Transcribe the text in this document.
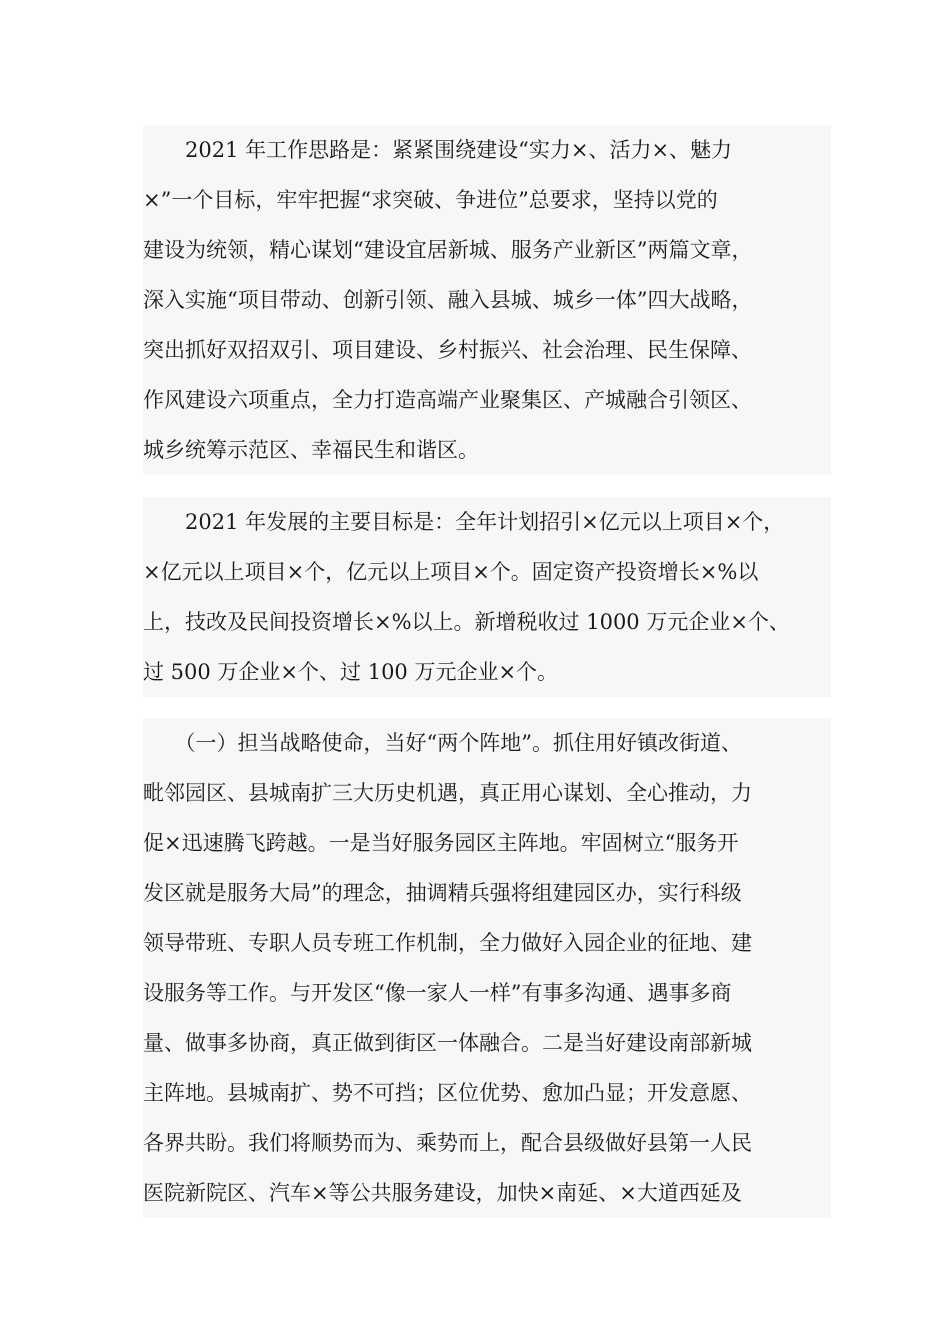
　　2021 年工作思路是：紧紧围绕建设“实力×、活力×、魅力
×”一个目标，牢牢把握“求突破、争进位”总要求，坚持以党的
建设为统领，精心谋划“建设宜居新城、服务产业新区”两篇文章，
深入实施“项目带动、创新引领、融入县城、城乡一体”四大战略，
突出抓好双招双引、项目建设、乡村振兴、社会治理、民生保障、
作风建设六项重点，全力打造高端产业聚集区、产城融合引领区、
城乡统筹示范区、幸福民生和谐区。
　　2021 年发展的主要目标是：全年计划招引×亿元以上项目×个，
×亿元以上项目×个，亿元以上项目×个。固定资产投资增长×%以
上，技改及民间投资增长×%以上。新增税收过 1000 万元企业×个、
过 500 万企业×个、过 100 万元企业×个。
　　（一）担当战略使命，当好“两个阵地”。抓住用好镇改街道、
毗邻园区、县城南扩三大历史机遇，真正用心谋划、全心推动，力
促×迅速腾飞跨越。一是当好服务园区主阵地。牢固树立“服务开
发区就是服务大局”的理念，抽调精兵强将组建园区办，实行科级
领导带班、专职人员专班工作机制，全力做好入园企业的征地、建
设服务等工作。与开发区“像一家人一样”有事多沟通、遇事多商
量、做事多协商，真正做到街区一体融合。二是当好建设南部新城
主阵地。县城南扩、势不可挡；区位优势、愈加凸显；开发意愿、
各界共盼。我们将顺势而为、乘势而上，配合县级做好县第一人民
医院新院区、汽车×等公共服务建设，加快×南延、×大道西延及
